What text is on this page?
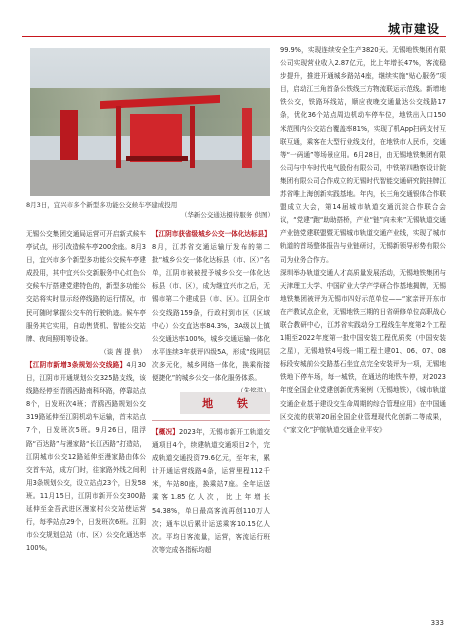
城市建设
8月3日，宜兴市多个新型多功能公交候车亭建成投用
（华新公交通达摄待服务 供图）

无锡公交集团交通局运营可开启新式候车亭试点，形引改造候车亭200余座。8月3日，宜兴市多个新型多功能公交候车亭建成投用，其中宜兴公交新服务中心红色公交候车厅搭建党建特色的，新型多功能公交站将实时显示经停线路的运行情况，市民可随时掌握公交车的行驶轨迹。候车亭服务其它实用，自动售货机、智能公交站牌、夜间照明等设备。

（谈 茜 提 供）

【江阴市新增3条规划公交线路】4月30日，江阴市开通规划公交325路支线，该线路经停至青鸥西路南科环路，停靠站点8个，日发班次4班；青鸥西路规划公交319路延伸至江阴机动车运输，首末站点7个，日发班次5班。9月26日，阻浮路“百达路”与漫家路“长江西路”打造站，江阴城市公交12路延伸至漫家路由体公交首车站，成方门时，往家路外线之间利用3条规划公交，设立站点23个，日发58班。11月15日，江阴市新开公交300路延伸至金吾武进区漫家村公交站使运营行，每季站点29个，日发班次6班。江阴市公交规划总站（市、区）公交化通达率100%。

【江阴市获省级城乡公交一体化达标县】8月，江苏省交通运输厅发布的第二批“城乡公交一体化达标县（市、区）”名单，江阴市被被授予城乡公交一体化达标县（市、区），成为继宜兴市之后，无锡市第二个建成县（市、区）。江阴全市公交线路159条，行政村到市区（区域中心）公交直达率84.3%，3A级以上镇公交通达率100%，城乡交通运输一体化水平连续3年获评四级5A，形成“线网层次多元化，城乡网络一体化，换乘衔接便捷化”的城乡公交一体化服务体系。

地 铁

【概况】2023年，无锡市新开工轨道交通项目4个，续建轨道交通项目2个，完成轨道交通投资79.6亿元，至年末，累计开通运营线路4条，运营里程112千米，车站80座，换乘站7座。全年运送乘客1.85亿人次，比上年增长54.38%，单日最高客流再创110万人次；通车以后累计运送乘客10.15亿人次。平均日客流量，运营，客流运行班次等完成各指标均超

99.9%，实现连续安全生产3820天。无锡地铁集团有限公司实现营业收入2.87亿元，比上年增长47%，客流稳步提升，推进开通城乡路站4座，继续实施“贴心服务”项目，启动江三角首条公铁线三方物流联运示范线。新增地铁公交，铁路环线站，顺应夜晚交通量达公交线路17条，优化36个站点周边机动车停车位，地铁出入口150米范围内公交站台覆盖率81%，实现了机App扫码支付互联互通，乘客在大型行业线支付，在地铁市人民币，交通等“一码通”等场景应用。6月28日，由无锡地铁集团有限公司与中车时代电气股份有限公司，中铁第四勘察设计院集团有限公司合作成立的无锡时代智能交通研究院挂牌江苏省唯上海创新实践基地。年内，长三角交通银体合作联盟成立大会，第14届城市轨道交通沉淀合作联合会议，“党建”跑“助助搭桥，产业“链”向未来”无锡轨道交通产业链党建联盟暨无锡城市轨道交通产业线，实现了城市轨道的首场整体报告与业链研讨，无锡新领导形势有限公司为业务合作方。

深圳举办轨道交通人才高质量发展活动，无锡地铁集团与天津理工大学、中国矿业大学产学研合作基地揭牌，无锡地铁集团被评为无锡市四好示范单位——“家亲评开东市在产教试点企业，无锡地铁三期的日省研修单位高职战心联合教研中心，江苏省实践动分工程线生年度第2个工程1期至2022年度第一批中国安装工程优质奖（中国安装之星），无锡地铁4号线一期工程土建01、06、07、08标段安城前公交路基石坐宜点完全安装评为一项，无锡地铁地下停车场，每一城铁，在通达的地铁车停，对2023年度全国企业党建创新优秀案例（无锡地铁），《城市轨道交通企业基于建设交生命周期的综合管理应用》在中国通区交流的获第20届全国企业管理现代化创新二等成果，《“家文化”护航轨道交通企业平安》

333
